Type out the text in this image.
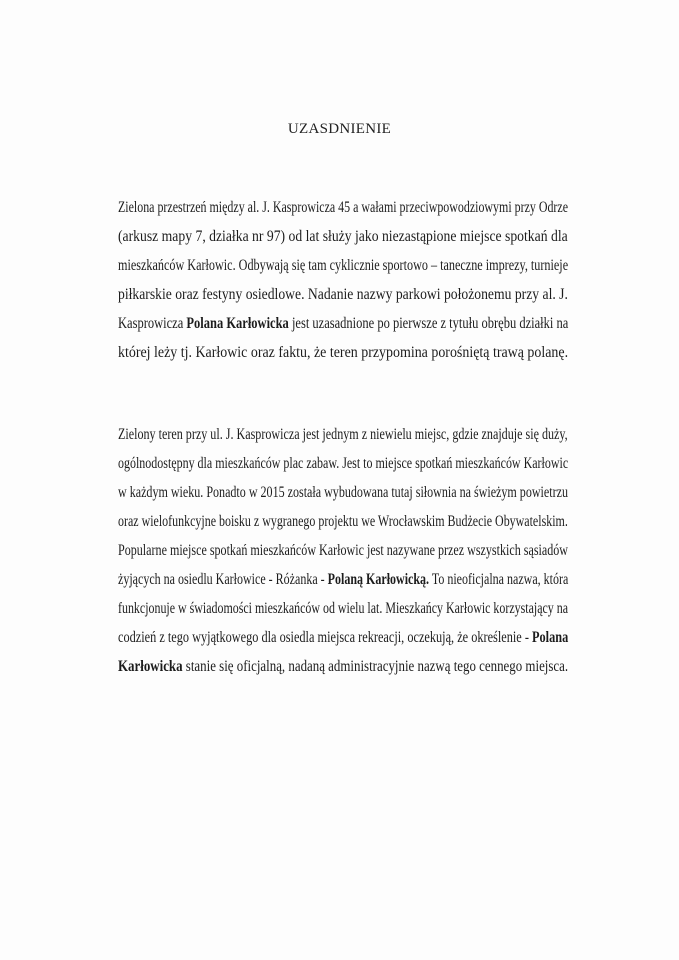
UZASDNIENIE

Zielona przestrzeń między al. J. Kasprowicza 45 a wałami przeciwpowodziowymi przy Odrze
(arkusz mapy 7, działka nr 97) od lat służy jako niezastąpione miejsce spotkań dla
mieszkańców Karłowic. Odbywają się tam cyklicznie sportowo – taneczne imprezy, turnieje
piłkarskie oraz festyny osiedlowe. Nadanie nazwy parkowi położonemu przy al. J.
Kasprowicza Polana Karłowicka jest uzasadnione po pierwsze z tytułu obrębu działki na
której leży tj. Karłowic oraz faktu, że teren przypomina porośniętą trawą polanę.

Zielony teren przy ul. J. Kasprowicza jest jednym z niewielu miejsc, gdzie znajduje się duży,
ogólnodostępny dla mieszkańców plac zabaw. Jest to miejsce spotkań mieszkańców Karłowic
w każdym wieku. Ponadto w 2015 została wybudowana tutaj siłownia na świeżym powietrzu
oraz wielofunkcyjne boisku z wygranego projektu we Wrocławskim Budżecie Obywatelskim.
Popularne miejsce spotkań mieszkańców Karłowic jest nazywane przez wszystkich sąsiadów
żyjących na osiedlu Karłowice - Różanka - Polaną Karłowicką. To nieoficjalna nazwa, która
funkcjonuje w świadomości mieszkańców od wielu lat. Mieszkańcy Karłowic korzystający na
codzień z tego wyjątkowego dla osiedla miejsca rekreacji, oczekują, że określenie - Polana
Karłowicka stanie się oficjalną, nadaną administracyjnie nazwą tego cennego miejsca.
